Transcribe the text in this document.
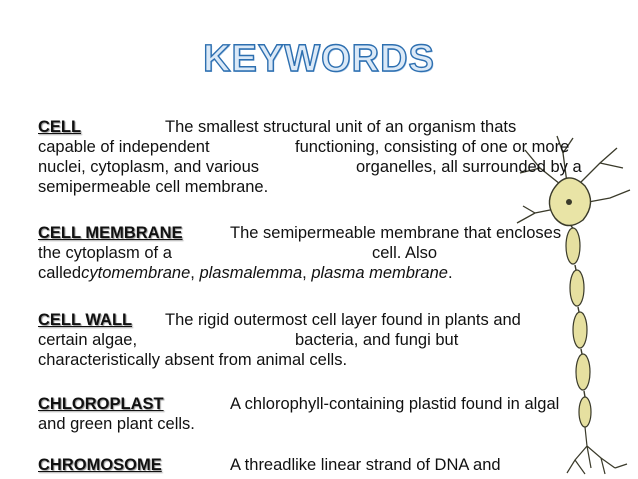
KEYWORDS
CELL	The smallest structural unit of an organism thats
capable of independent	functioning, consisting of one or more
nuclei, cytoplasm, and various	organelles, all surrounded by a
semipermeable cell membrane.
CELL MEMBRANE	The semipermeable membrane that encloses
the cytoplasm of a	cell. Also
calledcytomembrane, plasmalemma, plasma membrane.
CELL WALL The rigid outermost cell layer found in plants and
certain algae,	bacteria, and fungi but
characteristically absent from animal cells.
CHLOROPLAST	A chlorophyll-containing plastid found in algal
and green plant cells.
CHROMOSOME	A threadlike linear strand of DNA and
